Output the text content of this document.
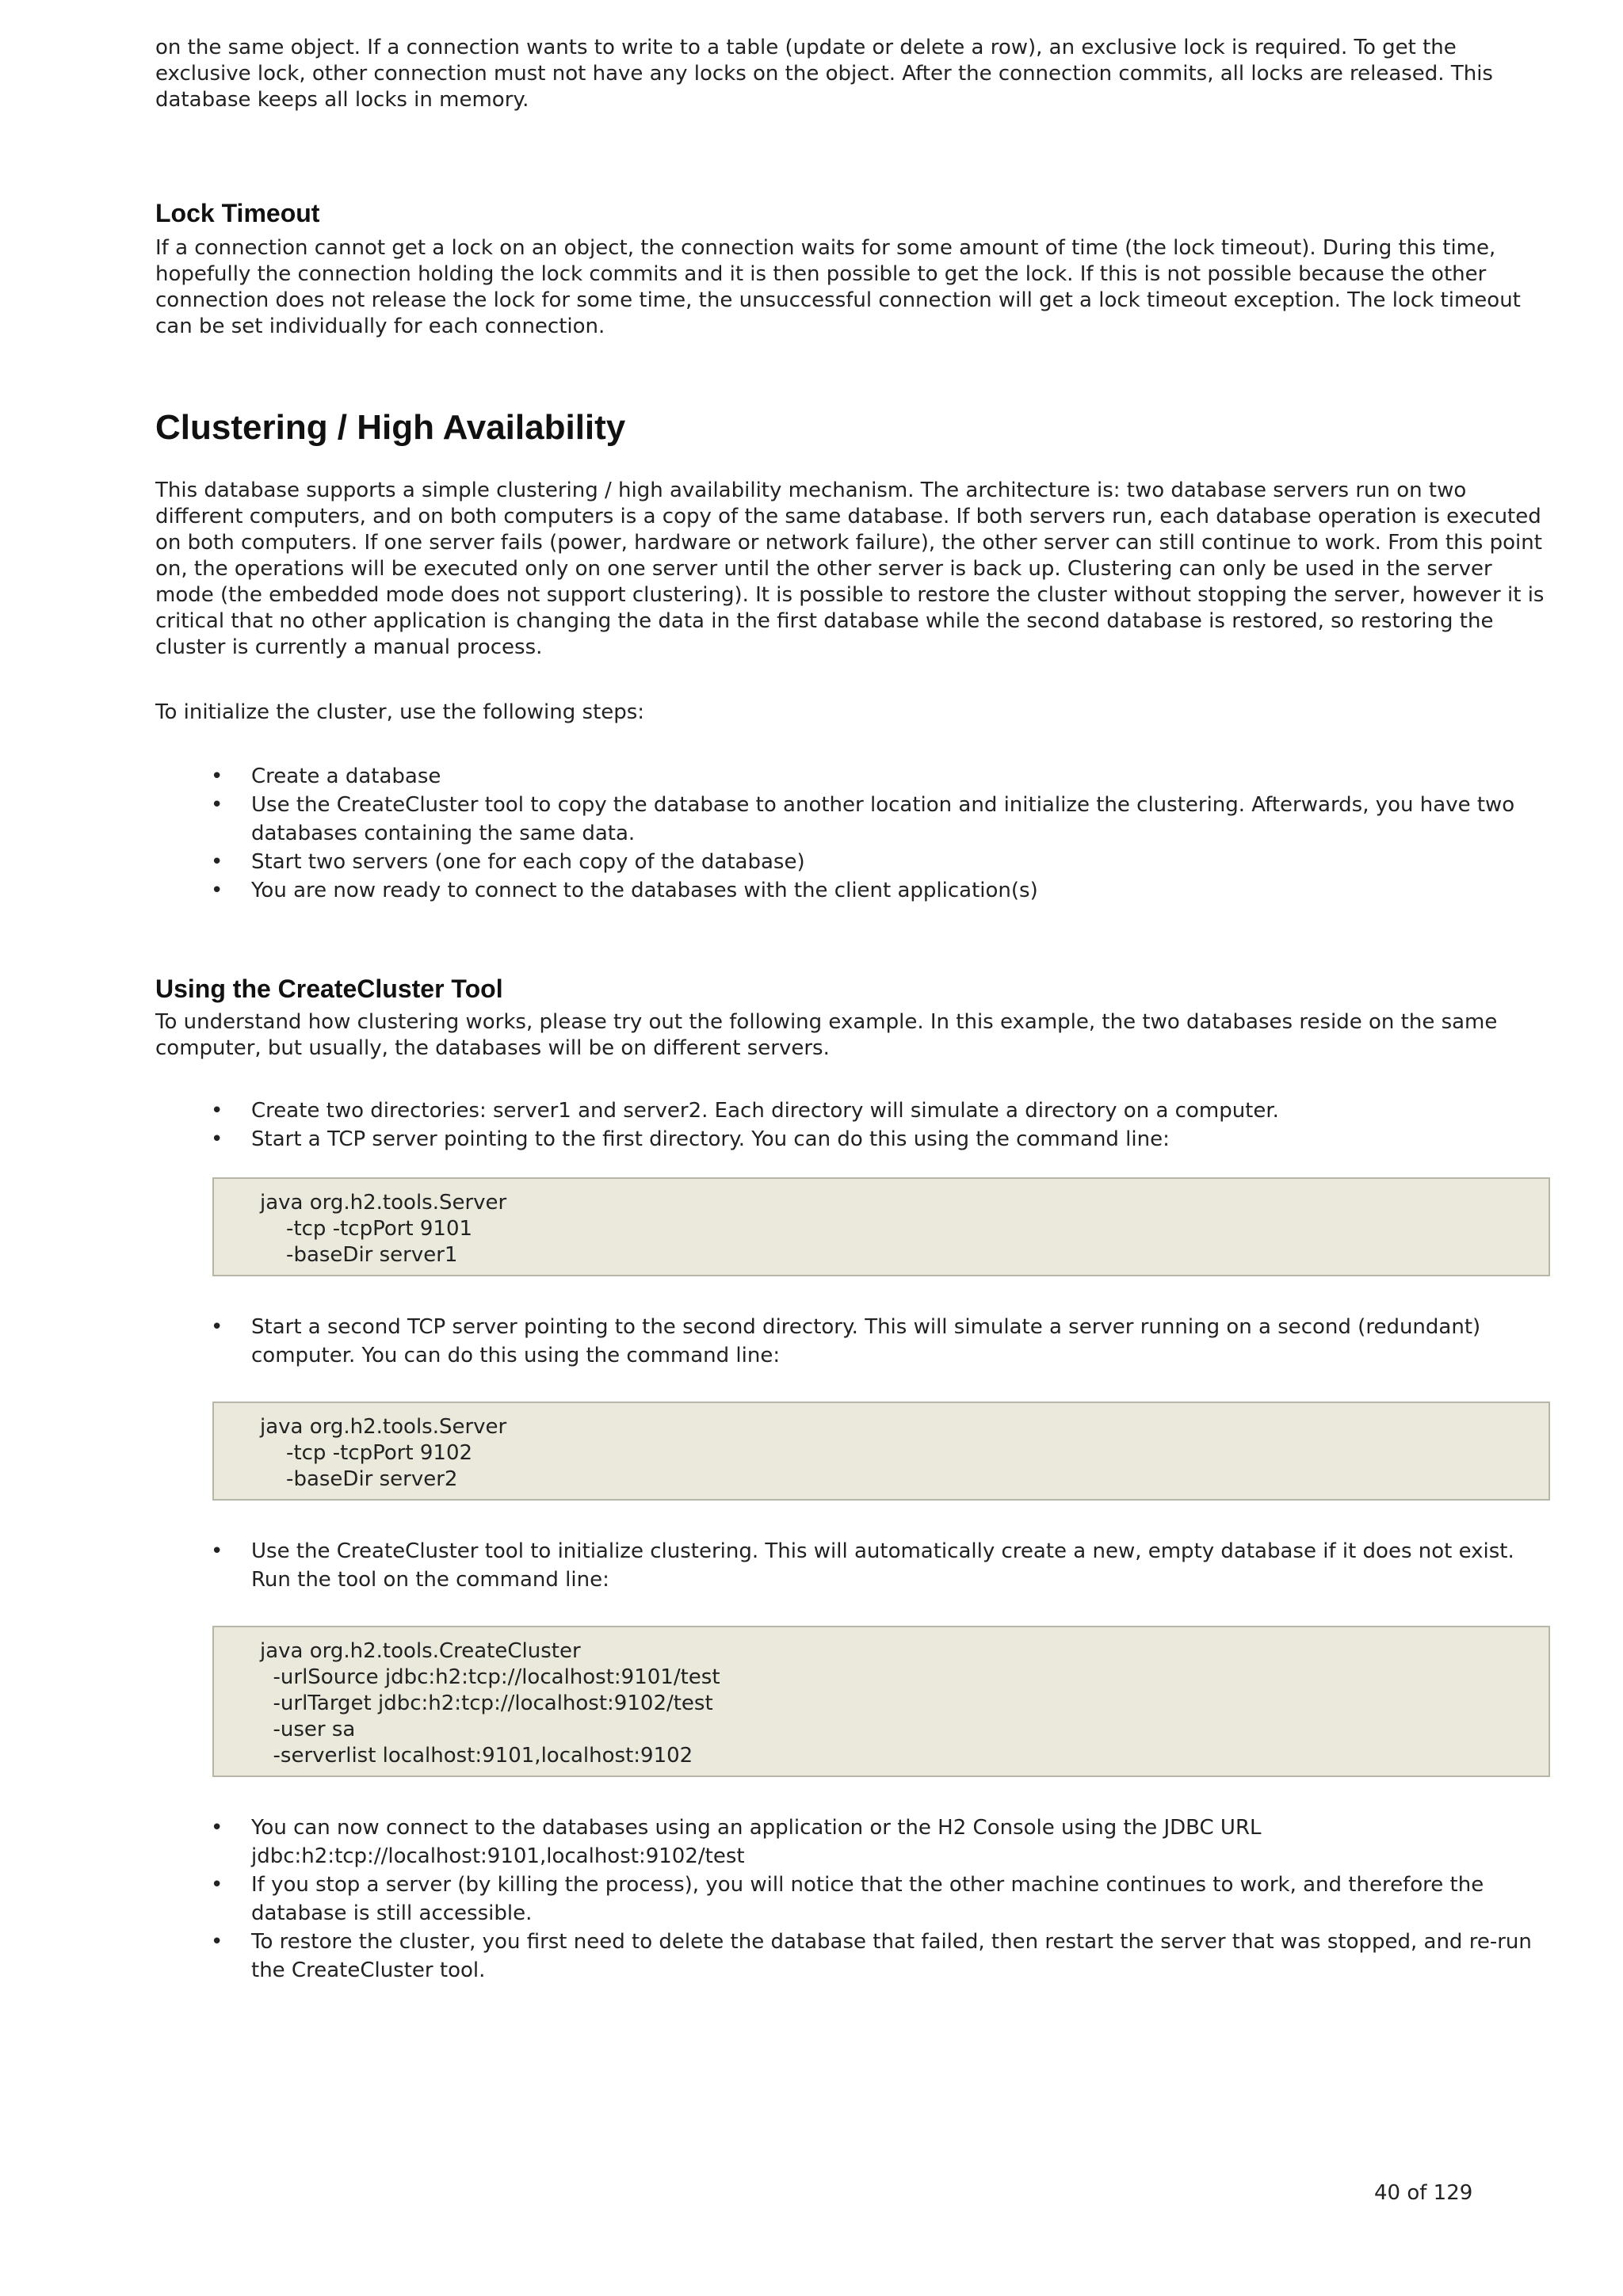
on the same object. If a connection wants to write to a table (update or delete a row), an exclusive lock is required. To get the exclusive lock, other connection must not have any locks on the object. After the connection commits, all locks are released. This database keeps all locks in memory.

Lock Timeout

If a connection cannot get a lock on an object, the connection waits for some amount of time (the lock timeout). During this time, hopefully the connection holding the lock commits and it is then possible to get the lock. If this is not possible because the other connection does not release the lock for some time, the unsuccessful connection will get a lock timeout exception. The lock timeout can be set individually for each connection.

Clustering / High Availability

This database supports a simple clustering / high availability mechanism. The architecture is: two database servers run on two different computers, and on both computers is a copy of the same database. If both servers run, each database operation is executed on both computers. If one server fails (power, hardware or network failure), the other server can still continue to work. From this point on, the operations will be executed only on one server until the other server is back up. Clustering can only be used in the server mode (the embedded mode does not support clustering). It is possible to restore the cluster without stopping the server, however it is critical that no other application is changing the data in the first database while the second database is restored, so restoring the cluster is currently a manual process.

To initialize the cluster, use the following steps:

• Create a database
• Use the CreateCluster tool to copy the database to another location and initialize the clustering. Afterwards, you have two databases containing the same data.
• Start two servers (one for each copy of the database)
• You are now ready to connect to the databases with the client application(s)
Using the CreateCluster Tool

To understand how clustering works, please try out the following example. In this example, the two databases reside on the same computer, but usually, the databases will be on different servers.

• Create two directories: server1 and server2. Each directory will simulate a directory on a computer.
• Start a TCP server pointing to the first directory. You can do this using the command line:
java org.h2.tools.Server
-tcp -tcpPort 9101
-baseDir server1
• Start a second TCP server pointing to the second directory. This will simulate a server running on a second (redundant) computer. You can do this using the command line:
java org.h2.tools.Server
-tcp -tcpPort 9102
-baseDir server2
• Use the CreateCluster tool to initialize clustering. This will automatically create a new, empty database if it does not exist. Run the tool on the command line:
java org.h2.tools.CreateCluster
-urlSource jdbc:h2:tcp://localhost:9101/test
-urlTarget jdbc:h2:tcp://localhost:9102/test
-user sa
-serverlist localhost:9101,localhost:9102
• You can now connect to the databases using an application or the H2 Console using the JDBC URL jdbc:h2:tcp://localhost:9101,localhost:9102/test
• If you stop a server (by killing the process), you will notice that the other machine continues to work, and therefore the database is still accessible.
• To restore the cluster, you first need to delete the database that failed, then restart the server that was stopped, and re-run the CreateCluster tool.
40 of 129
